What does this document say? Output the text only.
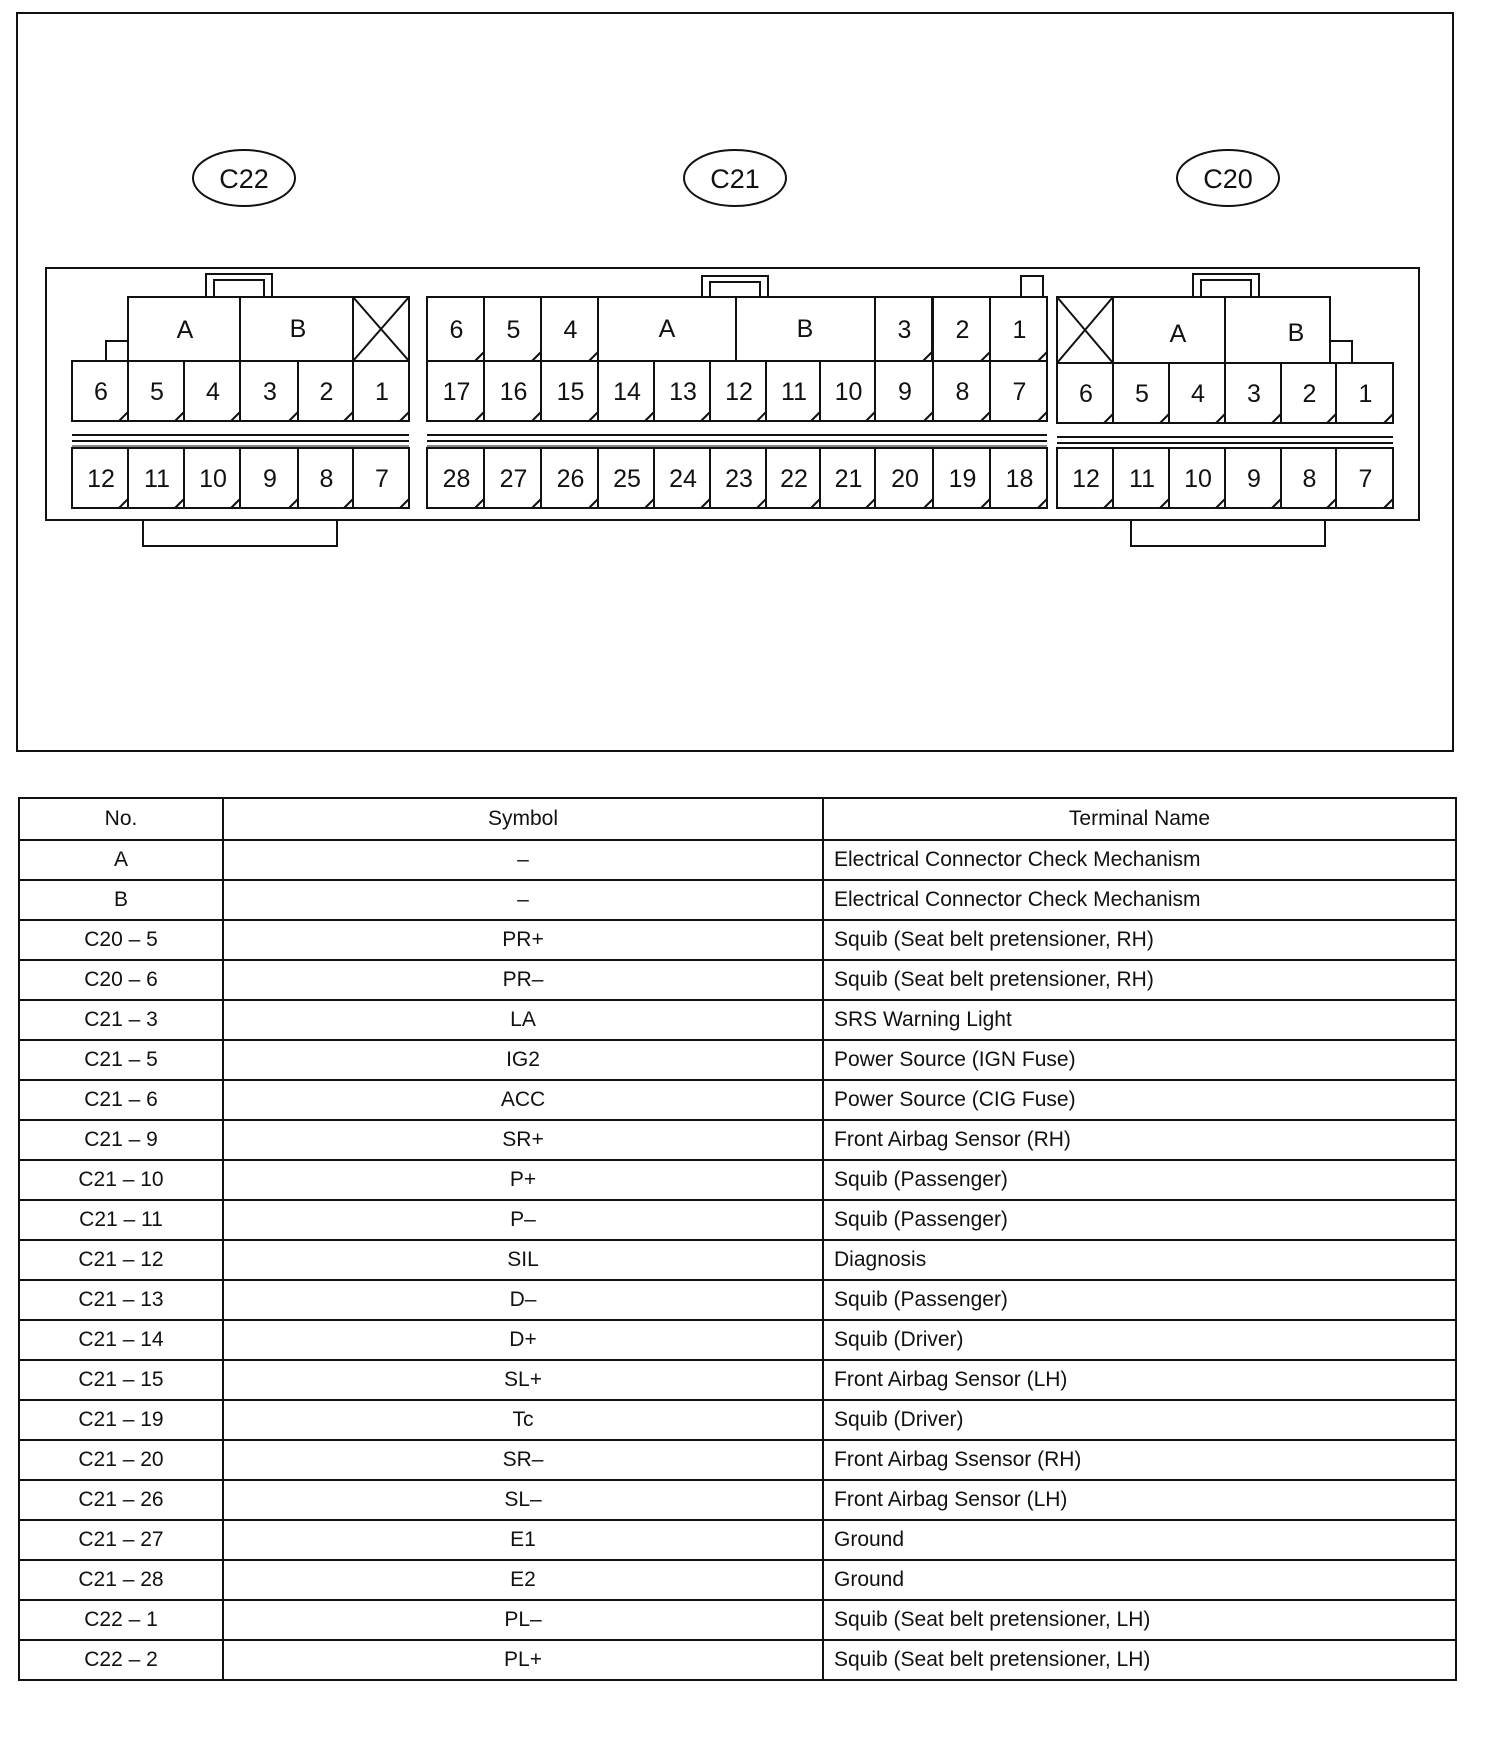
C22	C21	C20
A	B
6 5 4 3 2 1
12 11 10 9 8 7
6 5 4	A	B	3 2 1
17 16 15 14 13 12 11 10 9 8 7
28 27 26 25 24 23 22 21 20 19 18
A	B
6 5 4 3 2 1
12 11 10 9 8 7
No.	Symbol	Terminal Name
A	–	Electrical Connector Check Mechanism
B	–	Electrical Connector Check Mechanism
C20 – 5	PR+	Squib (Seat belt pretensioner, RH)
C20 – 6	PR–	Squib (Seat belt pretensioner, RH)
C21 – 3	LA	SRS Warning Light
C21 – 5	IG2	Power Source (IGN Fuse)
C21 – 6	ACC	Power Source (CIG Fuse)
C21 – 9	SR+	Front Airbag Sensor (RH)
C21 – 10	P+	Squib (Passenger)
C21 – 11	P–	Squib (Passenger)
C21 – 12	SIL	Diagnosis
C21 – 13	D–	Squib (Passenger)
C21 – 14	D+	Squib (Driver)
C21 – 15	SL+	Front Airbag Sensor (LH)
C21 – 19	Tc	Squib (Driver)
C21 – 20	SR–	Front Airbag Ssensor (RH)
C21 – 26	SL–	Front Airbag Sensor (LH)
C21 – 27	E1	Ground
C21 – 28	E2	Ground
C22 – 1	PL–	Squib (Seat belt pretensioner, LH)
C22 – 2	PL+	Squib (Seat belt pretensioner, LH)
